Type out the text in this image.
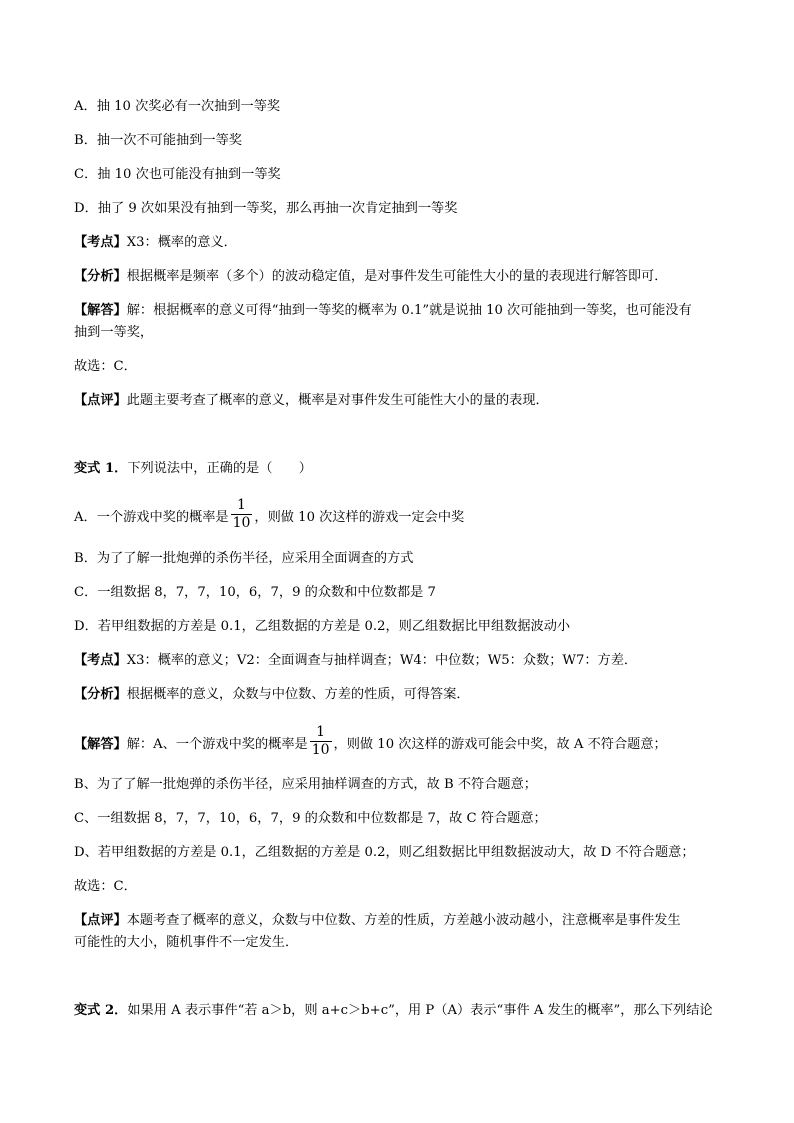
A．抽 10 次奖必有一次抽到一等奖
B．抽一次不可能抽到一等奖
C．抽 10 次也可能没有抽到一等奖
D．抽了 9 次如果没有抽到一等奖，那么再抽一次肯定抽到一等奖
【考点】X3：概率的意义．
【分析】根据概率是频率（多个）的波动稳定值，是对事件发生可能性大小的量的表现进行解答即可．
【解答】解：根据概率的意义可得“抽到一等奖的概率为 0.1”就是说抽 10 次可能抽到一等奖，也可能没有
抽到一等奖，
故选：C．
【点评】此题主要考查了概率的意义，概率是对事件发生可能性大小的量的表现．
变式 1．下列说法中，正确的是（　　）
A．一个游戏中奖的概率是 $\frac{1}{10}$ ，则做 10 次这样的游戏一定会中奖
B．为了了解一批炮弹的杀伤半径，应采用全面调查的方式
C．一组数据 8，7，7，10，6，7，9 的众数和中位数都是 7
D．若甲组数据的方差是 0.1，乙组数据的方差是 0.2，则乙组数据比甲组数据波动小
【考点】X3：概率的意义；V2：全面调查与抽样调查；W4：中位数；W5：众数；W7：方差．
【分析】根据概率的意义，众数与中位数、方差的性质，可得答案．
【解答】解：A、一个游戏中奖的概率是 $\frac{1}{10}$ ，则做 10 次这样的游戏可能会中奖，故 A 不符合题意；
B、为了了解一批炮弹的杀伤半径，应采用抽样调查的方式，故 B 不符合题意；
C、一组数据 8，7，7，10，6，7，9 的众数和中位数都是 7，故 C 符合题意；
D、若甲组数据的方差是 0.1，乙组数据的方差是 0.2，则乙组数据比甲组数据波动大，故 D 不符合题意；
故选：C．
【点评】本题考查了概率的意义，众数与中位数、方差的性质，方差越小波动越小，注意概率是事件发生
可能性的大小，随机事件不一定发生．
变式 2．如果用 A 表示事件“若 a＞b，则 a+c＞b+c”，用 P（A）表示“事件 A 发生的概率”，那么下列结论
